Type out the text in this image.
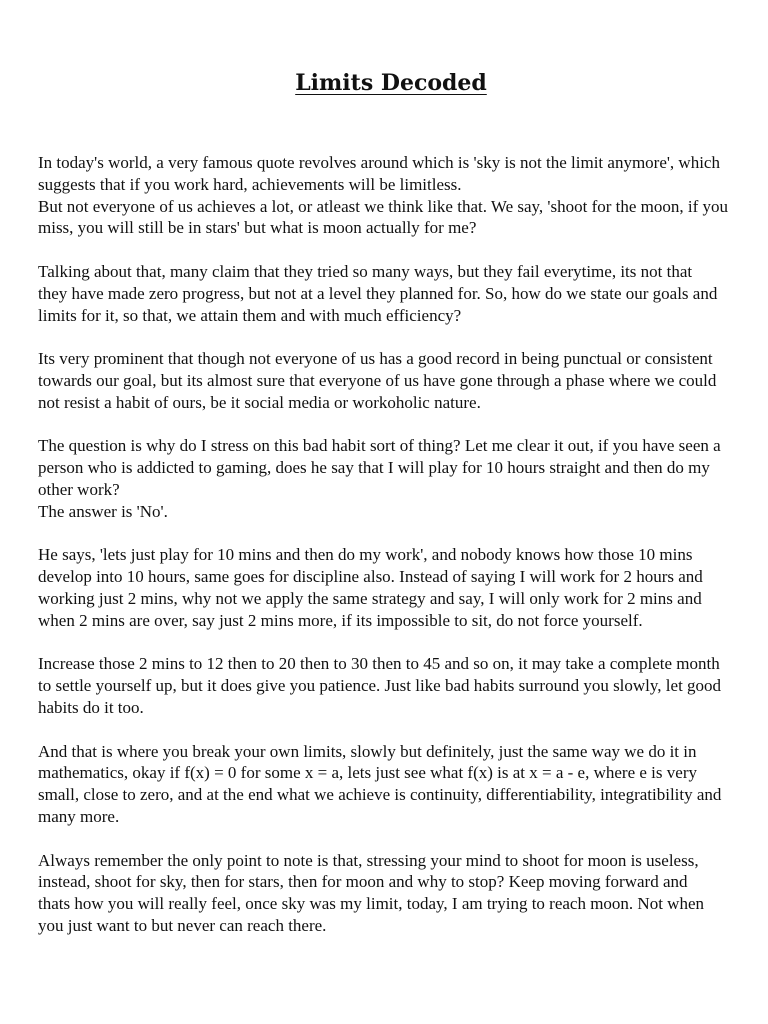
Limits Decoded

In today's world, a very famous quote revolves around which is 'sky is not the limit anymore', which
suggests that if you work hard, achievements will be limitless.
But not everyone of us achieves a lot, or atleast we think like that. We say, 'shoot for the moon, if you
miss, you will still be in stars' but what is moon actually for me?

Talking about that, many claim that they tried so many ways, but they fail everytime, its not that
they have made zero progress, but not at a level they planned for. So, how do we state our goals and
limits for it, so that, we attain them and with much efficiency?

Its very prominent that though not everyone of us has a good record in being punctual or consistent
towards our goal, but its almost sure that everyone of us have gone through a phase where we could
not resist a habit of ours, be it social media or workoholic nature.

The question is why do I stress on this bad habit sort of thing? Let me clear it out, if you have seen a
person who is addicted to gaming, does he say that I will play for 10 hours straight and then do my
other work?
The answer is 'No'.

He says, 'lets just play for 10 mins and then do my work', and nobody knows how those 10 mins
develop into 10 hours, same goes for discipline also. Instead of saying I will work for 2 hours and
working just 2 mins, why not we apply the same strategy and say, I will only work for 2 mins and
when 2 mins are over, say just 2 mins more, if its impossible to sit, do not force yourself.

Increase those 2 mins to 12 then to 20 then to 30 then to 45 and so on, it may take a complete month
to settle yourself up, but it does give you patience. Just like bad habits surround you slowly, let good
habits do it too.

And that is where you break your own limits, slowly but definitely, just the same way we do it in
mathematics, okay if f(x) = 0 for some x = a, lets just see what f(x) is at x = a - e, where e is very
small, close to zero, and at the end what we achieve is continuity, differentiability, integratibility and
many more.

Always remember the only point to note is that, stressing your mind to shoot for moon is useless,
instead, shoot for sky, then for stars, then for moon and why to stop? Keep moving forward and
thats how you will really feel, once sky was my limit, today, I am trying to reach moon. Not when
you just want to but never can reach there.
